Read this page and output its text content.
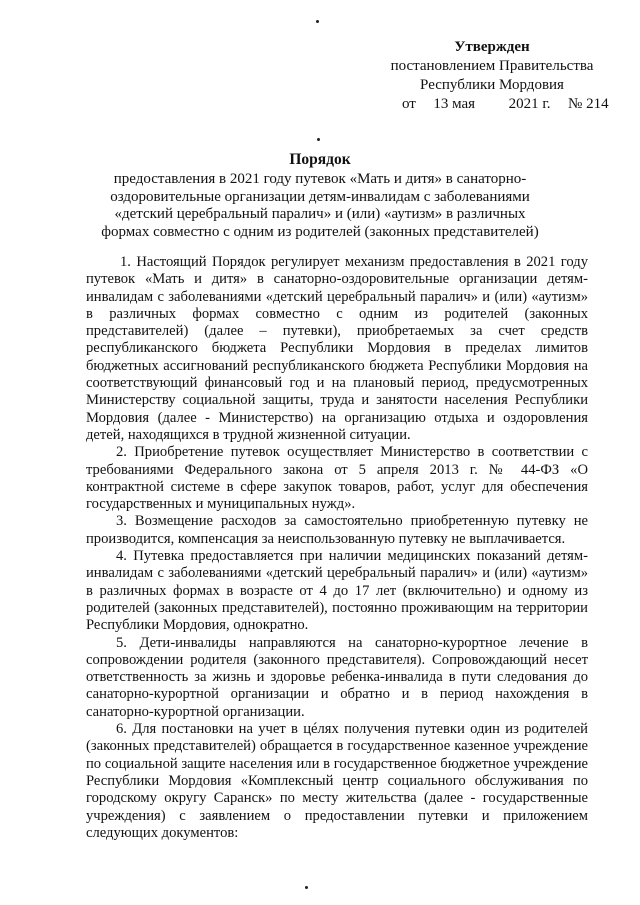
Утвержден
постановлением Правительства
Республики Мордовия
от 13 мая 2021 г. № 214
Порядок
предоставления в 2021 году путевок «Мать и дитя» в санаторно-оздоровительные организации детям-инвалидам с заболеваниями «детский церебральный паралич» и (или) «аутизм» в различных формах совместно с одним из родителей (законных представителей)

1. Настоящий Порядок регулирует механизм предоставления в 2021 году путевок «Мать и дитя» в санаторно-оздоровительные организации детям-инвалидам с заболеваниями «детский церебральный паралич» и (или) «аутизм» в различных формах совместно с одним из родителей (законных представителей) (далее – путевки), приобретаемых за счет средств республиканского бюджета Республики Мордовия в пределах лимитов бюджетных ассигнований республиканского бюджета Республики Мордовия на соответствующий финансовый год и на плановый период, предусмотренных Министерству социальной защиты, труда и занятости населения Республики Мордовия (далее - Министерство) на организацию отдыха и оздоровления детей, находящихся в трудной жизненной ситуации.

2. Приобретение путевок осуществляет Министерство в соответствии с требованиями Федерального закона от 5 апреля 2013 г. № 44-ФЗ «О контрактной системе в сфере закупок товаров, работ, услуг для обеспечения государственных и муниципальных нужд».

3. Возмещение расходов за самостоятельно приобретенную путевку не производится, компенсация за неиспользованную путевку не выплачивается.

4. Путевка предоставляется при наличии медицинских показаний детям-инвалидам с заболеваниями «детский церебральный паралич» и (или) «аутизм» в различных формах в возрасте от 4 до 17 лет (включительно) и одному из родителей (законных представителей), постоянно проживающим на территории Республики Мордовия, однократно.

5. Дети-инвалиды направляются на санаторно-курортное лечение в сопровождении родителя (законного представителя). Сопровождающий несет ответственность за жизнь и здоровье ребенка-инвалида в пути следования до санаторно-курортной организации и обратно и в период нахождения в санаторно-курортной организации.

6. Для постановки на учет в цéлях получения путевки один из родителей (законных представителей) обращается в государственное казенное учреждение по социальной защите населения или в государственное бюджетное учреждение Республики Мордовия «Комплексный центр социального обслуживания по городскому округу Саранск» по месту жительства (далее - государственные учреждения) с заявлением о предоставлении путевки и приложением следующих документов:
